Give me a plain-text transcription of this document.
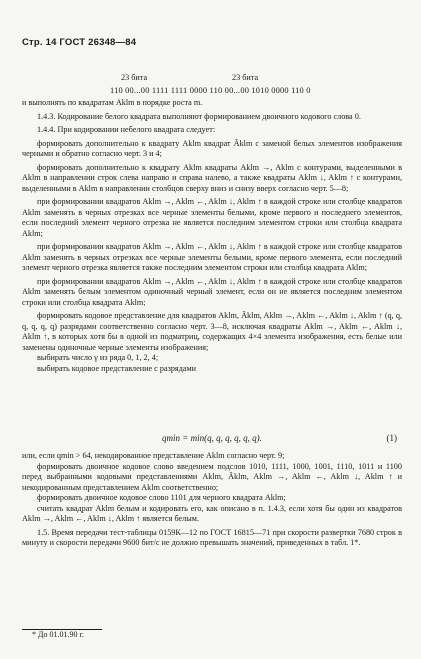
Стр. 14 ГОСТ 26348—84
23 бита	23 бита
110 00...00 1111 1111 0000 110 00...00 1010 0000 110 0

и выполнять по квадратам Aklm в порядке роста m.

1.4.3. Кодирование белого квадрата выполняют формированием двоичного кодового слова 0.

1.4.4. При кодировании небелого квадрата следует:

формировать дополнительно к квадрату Aklm квадрат Āklm с заменой белых элементов изображения черными и обратно согласно черт. 3 и 4;

формировать дополнительно к квадрату Aklm квадраты Aklm →, Aklm с контурами, выделенными в Aklm в направлении строк слева направо и справа налево, а также квадраты Aklm ↓, Aklm ↑ с контурами, выделенными в Aklm в направлении столбцов сверху вниз и снизу вверх согласно черт. 5—8;

при формировании квадратов Aklm →, Aklm ←, Aklm ↓, Aklm ↑ в каждой строке или столбце квадратов Aklm заменять в черных отрезках все черные элементы белыми, кроме первого и последнего элементов, если последний элемент черного отрезка не является последним элементом строки или столбца квадрата Aklm;

при формировании квадратов Aklm →, Aklm ←, Aklm ↓, Aklm ↑ в каждой строке или столбце квадратов Aklm заменять в черных отрезках все черные элементы белыми, кроме первого элемента, если последний элемент черного отрезка является также последним элементом строки или столбца квадрата Aklm;

при формировании квадратов Aklm →, Aklm ←, Aklm ↓, Aklm ↑ в каждой строке или столбце квадратов Aklm заменять белым элементом одиночный черный элемент, если он не является последним элементом строки или столбца квадрата Aklm;

формировать кодовое представление для квадратов Aklm, Āklm, Aklm →, Aklm ←, Aklm ↓, Aklm ↑ (q, q, q, q, q, q) разрядами соответственно согласно черт. 3—8, исключая квадраты Aklm →, Aklm ←, Aklm ↓, Aklm ↑, в которых хотя бы в одной из подматриц, содержащих 4×4 элемента изображения, есть белые или заменены одиночные черные элементы изображения;

выбирать число γ из ряда 0, 1, 2, 4;

выбирать кодовое представление с разрядами

qmin = min(q, q, q, q, q, q).	(1)

или, если qmin > 64, некодированное представление Aklm согласно черт. 9;

формировать двоичное кодовое слово введением подслов 1010, 1111, 1000, 1001, 1110, 1011 и 1100 перед выбранными кодовыми представлениями Aklm, Āklm, Aklm →, Aklm ←, Aklm ↓, Aklm ↑ и некодированным представлением Aklm соответственно;

формировать двоичное кодовое слово 1101 для черного квадрата Aklm;

считать квадрат Aklm белым и кодировать его, как описано в п. 1.4.3, если хотя бы один из квадратов Aklm →, Aklm ←, Aklm ↓, Aklm ↑ является белым.

1.5. Время передачи тест-таблицы 0159К—12 по ГОСТ 16815—71 при скорости развертки 7680 строк в минуту и скорости передачи 9600 бит/с не должно превышать значений, приведенных в табл. 1*.

* До 01.01.90 г.
